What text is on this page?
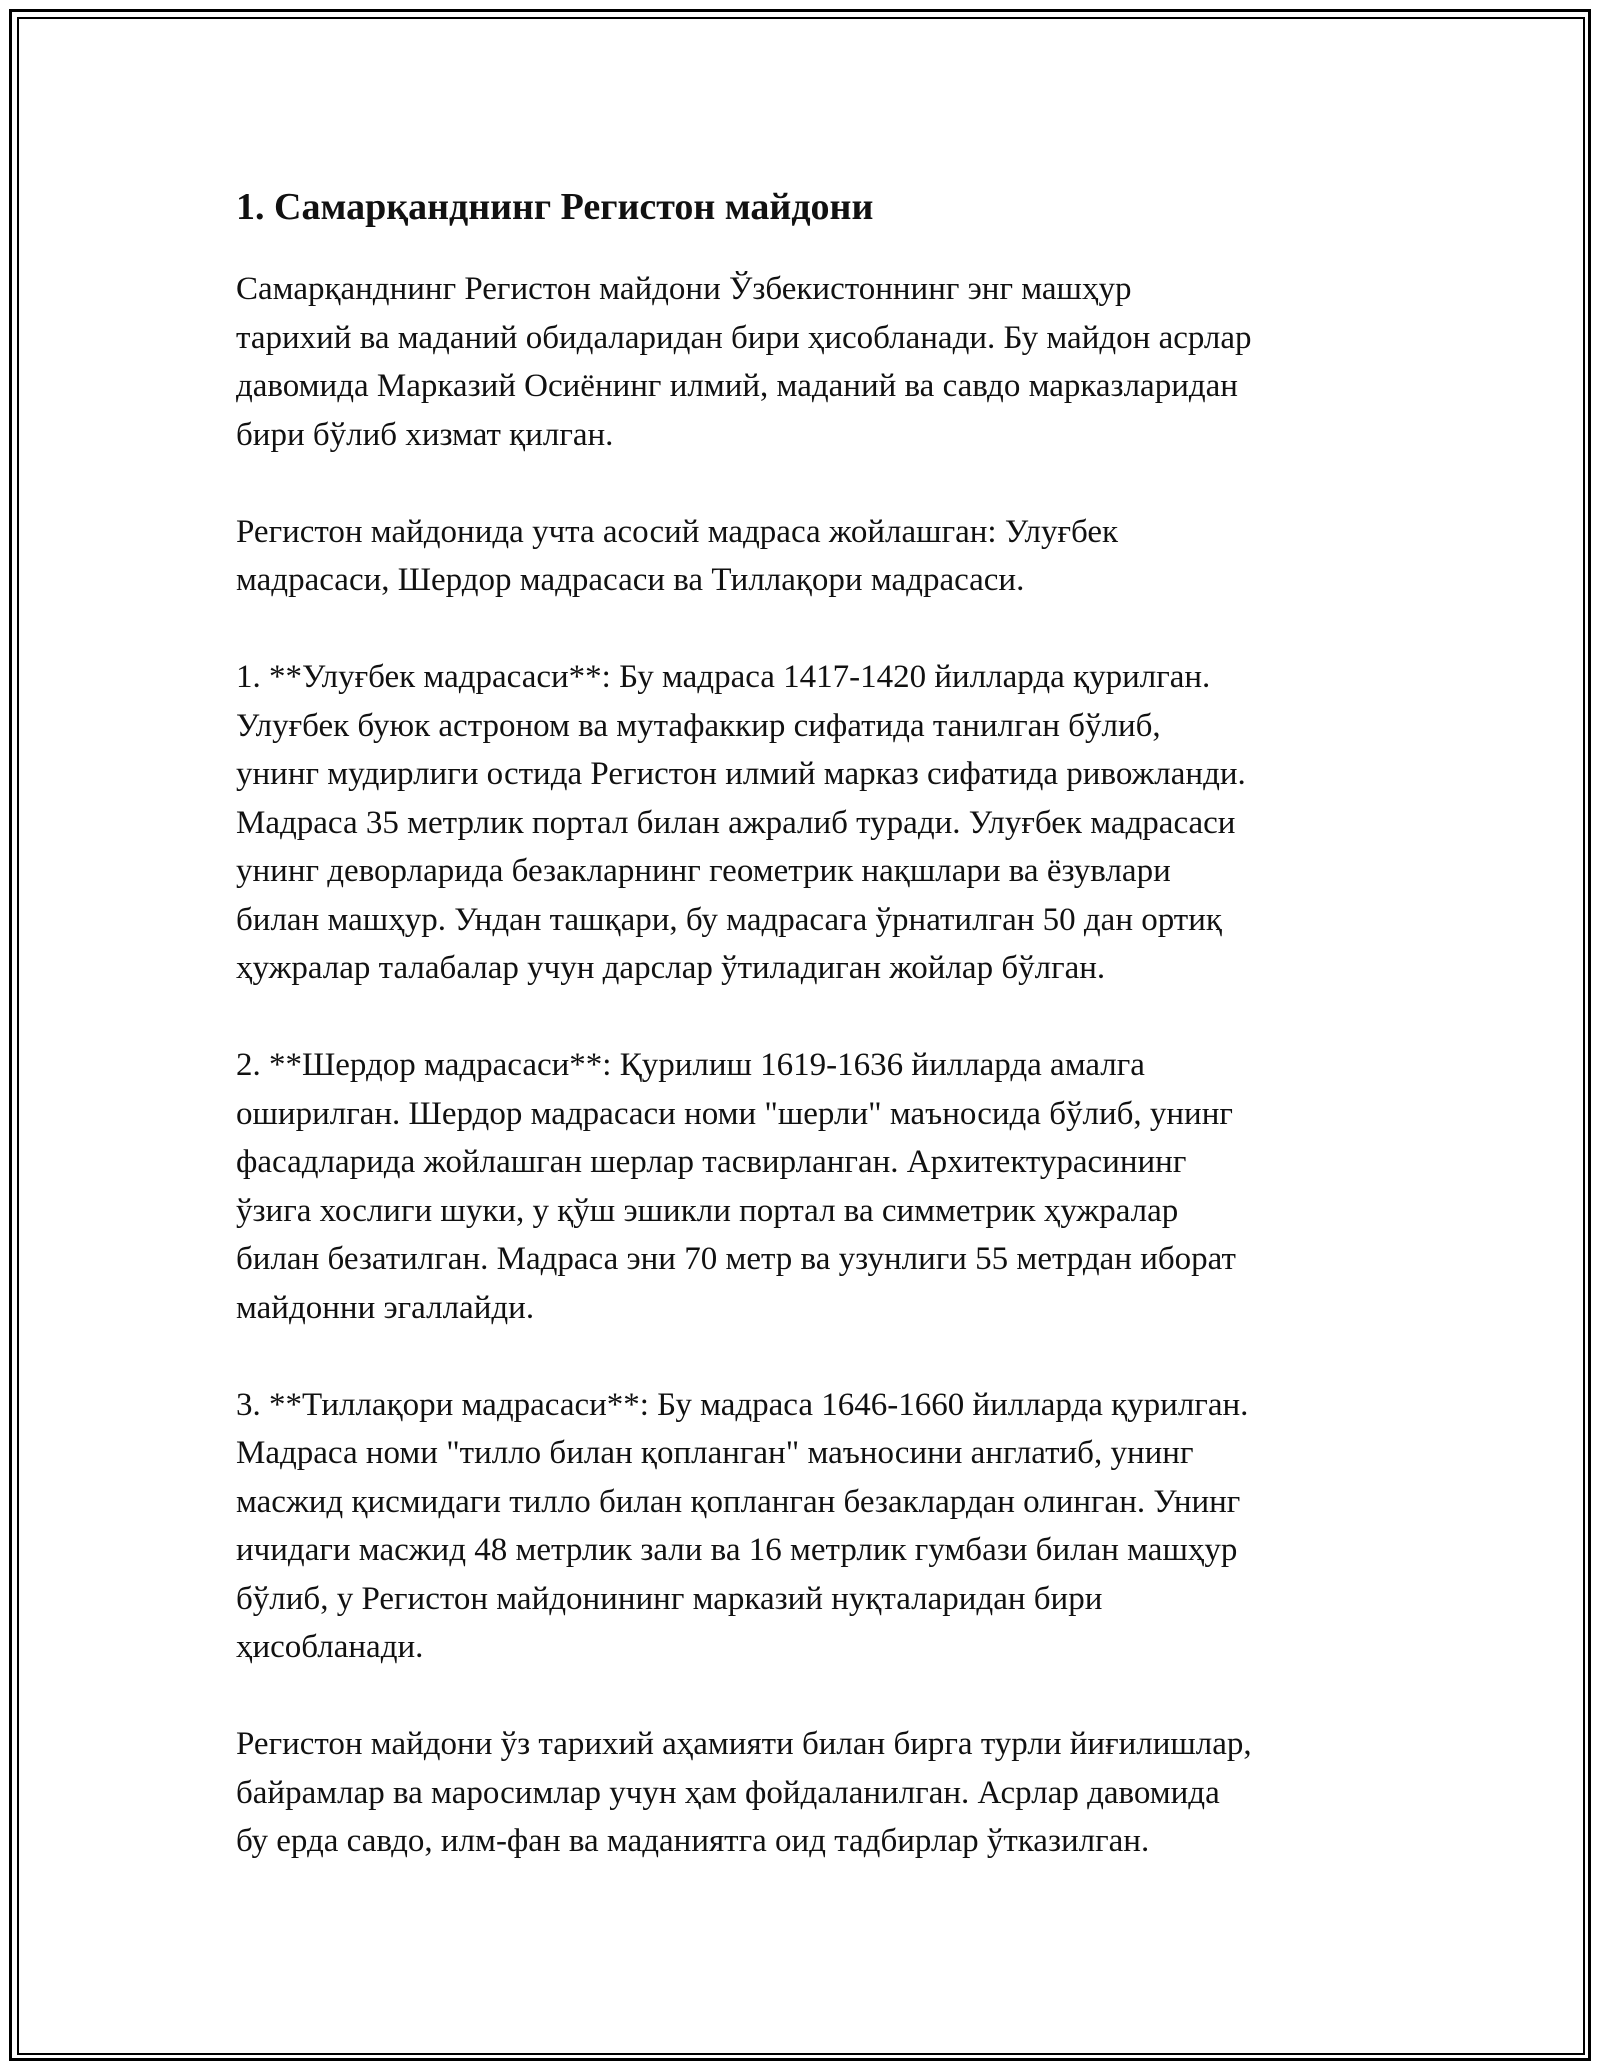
1. Самарқанднинг Регистон майдони
Самарқанднинг Регистон майдони Ўзбекистоннинг энг машҳур
тарихий ва маданий обидаларидан бири ҳисобланади. Бу майдон асрлар
давомида Марказий Осиёнинг илмий, маданий ва савдо марказларидан
бири бўлиб хизмат қилган.
Регистон майдонида учта асосий мадраса жойлашган: Улуғбек
мадрасаси, Шердор мадрасаси ва Тиллақори мадрасаси.
1. **Улуғбек мадрасаси**: Бу мадраса 1417-1420 йилларда қурилган.
Улуғбек буюк астроном ва мутафаккир сифатида танилган бўлиб,
унинг мудирлиги остида Регистон илмий марказ сифатида ривожланди.
Мадраса 35 метрлик портал билан ажралиб туради. Улуғбек мадрасаси
унинг деворларида безакларнинг геометрик нақшлари ва ёзувлари
билан машҳур. Ундан ташқари, бу мадрасага ўрнатилган 50 дан ортиқ
ҳужралар талабалар учун дарслар ўтиладиган жойлар бўлган.
2. **Шердор мадрасаси**: Қурилиш 1619-1636 йилларда амалга
оширилган. Шердор мадрасаси номи "шерли" маъносида бўлиб, унинг
фасадларида жойлашган шерлар тасвирланган. Архитектурасининг
ўзига хослиги шуки, у қўш эшикли портал ва симметрик ҳужралар
билан безатилган. Мадраса эни 70 метр ва узунлиги 55 метрдан иборат
майдонни эгаллайди.
3. **Тиллақори мадрасаси**: Бу мадраса 1646-1660 йилларда қурилган.
Мадраса номи "тилло билан қопланган" маъносини англатиб, унинг
масжид қисмидаги тилло билан қопланган безаклардан олинган. Унинг
ичидаги масжид 48 метрлик зали ва 16 метрлик гумбази билан машҳур
бўлиб, у Регистон майдонининг марказий нуқталаридан бири
ҳисобланади.
Регистон майдони ўз тарихий аҳамияти билан бирга турли йиғилишлар,
байрамлар ва маросимлар учун ҳам фойдаланилган. Асрлар давомида
бу ерда савдо, илм-фан ва маданиятга оид тадбирлар ўтказилган.
